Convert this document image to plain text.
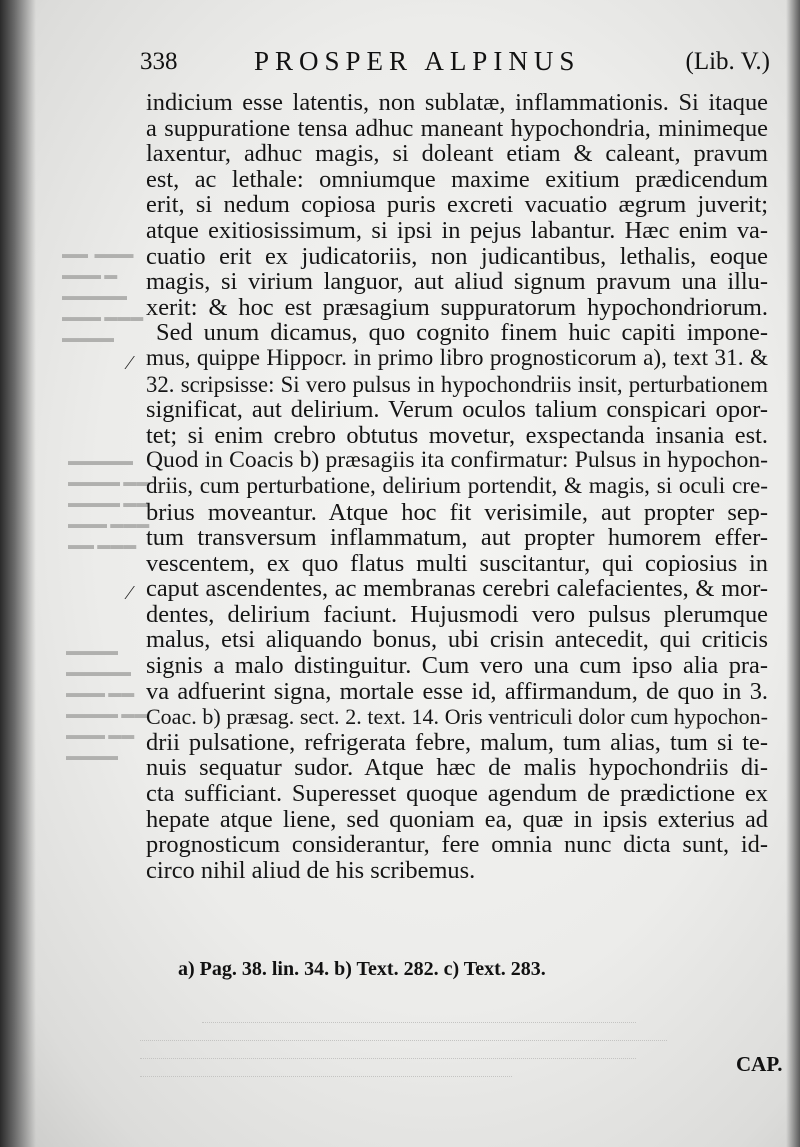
▬▬  ▬▬▬
▬▬▬ ▬
▬▬▬▬▬
▬▬▬ ▬▬▬
▬▬▬▬
▬▬▬▬▬
▬▬▬▬ ▬▬
▬▬▬▬ ▬▬
▬▬▬ ▬▬▬
▬▬ ▬▬▬
▬▬▬▬
▬▬▬▬▬
▬▬▬ ▬▬
▬▬▬▬ ▬▬
▬▬▬ ▬▬
▬▬▬▬
338	PROSPER ALPINUS	(Lib. V.)
⁄
⁄
indicium esse latentis, non sublatæ, inflammationis. Si itaque
a suppuratione tensa adhuc maneant hypochondria, minimeque
laxentur, adhuc magis, si doleant etiam & caleant, pravum
est, ac lethale: omniumque maxime exitium prædicendum
erit, si nedum copiosa puris excreti vacuatio ægrum juverit;
atque exitiosissimum, si ipsi in pejus labantur. Hæc enim va-
cuatio erit ex judicatoriis, non judicantibus, lethalis, eoque
magis, si virium languor, aut aliud signum pravum una illu-
xerit: & hoc est præsagium suppuratorum hypochondriorum.
Sed unum dicamus, quo cognito finem huic capiti impone-
mus, quippe Hippocr. in primo libro prognosticorum a), text 31. &
32. scripsisse: Si vero pulsus in hypochondriis insit, perturbationem
significat, aut delirium. Verum oculos talium conspicari opor-
tet; si enim crebro obtutus movetur, exspectanda insania est.
Quod in Coacis b) præsagiis ita confirmatur: Pulsus in hypochon-
driis, cum perturbatione, delirium portendit, & magis, si oculi cre-
brius moveantur. Atque hoc fit verisimile, aut propter sep-
tum transversum inflammatum, aut propter humorem effer-
vescentem, ex quo flatus multi suscitantur, qui copiosius in
caput ascendentes, ac membranas cerebri calefacientes, & mor-
dentes, delirium faciunt. Hujusmodi vero pulsus plerumque
malus, etsi aliquando bonus, ubi crisin antecedit, qui criticis
signis a malo distinguitur. Cum vero una cum ipso alia pra-
va adfuerint signa, mortale esse id, affirmandum, de quo in 3.
Coac. b) præsag. sect. 2. text. 14. Oris ventriculi dolor cum hypochon-
drii pulsatione, refrigerata febre, malum, tum alias, tum si te-
nuis sequatur sudor. Atque hæc de malis hypochondriis di-
cta sufficiant. Superesset quoque agendum de prædictione ex
hepate atque liene, sed quoniam ea, quæ in ipsis exterius ad
prognosticum considerantur, fere omnia nunc dicta sunt, id-
circo nihil aliud de his scribemus.
a) Pag. 38. lin. 34. b) Text. 282. c) Text. 283.
CAP.
